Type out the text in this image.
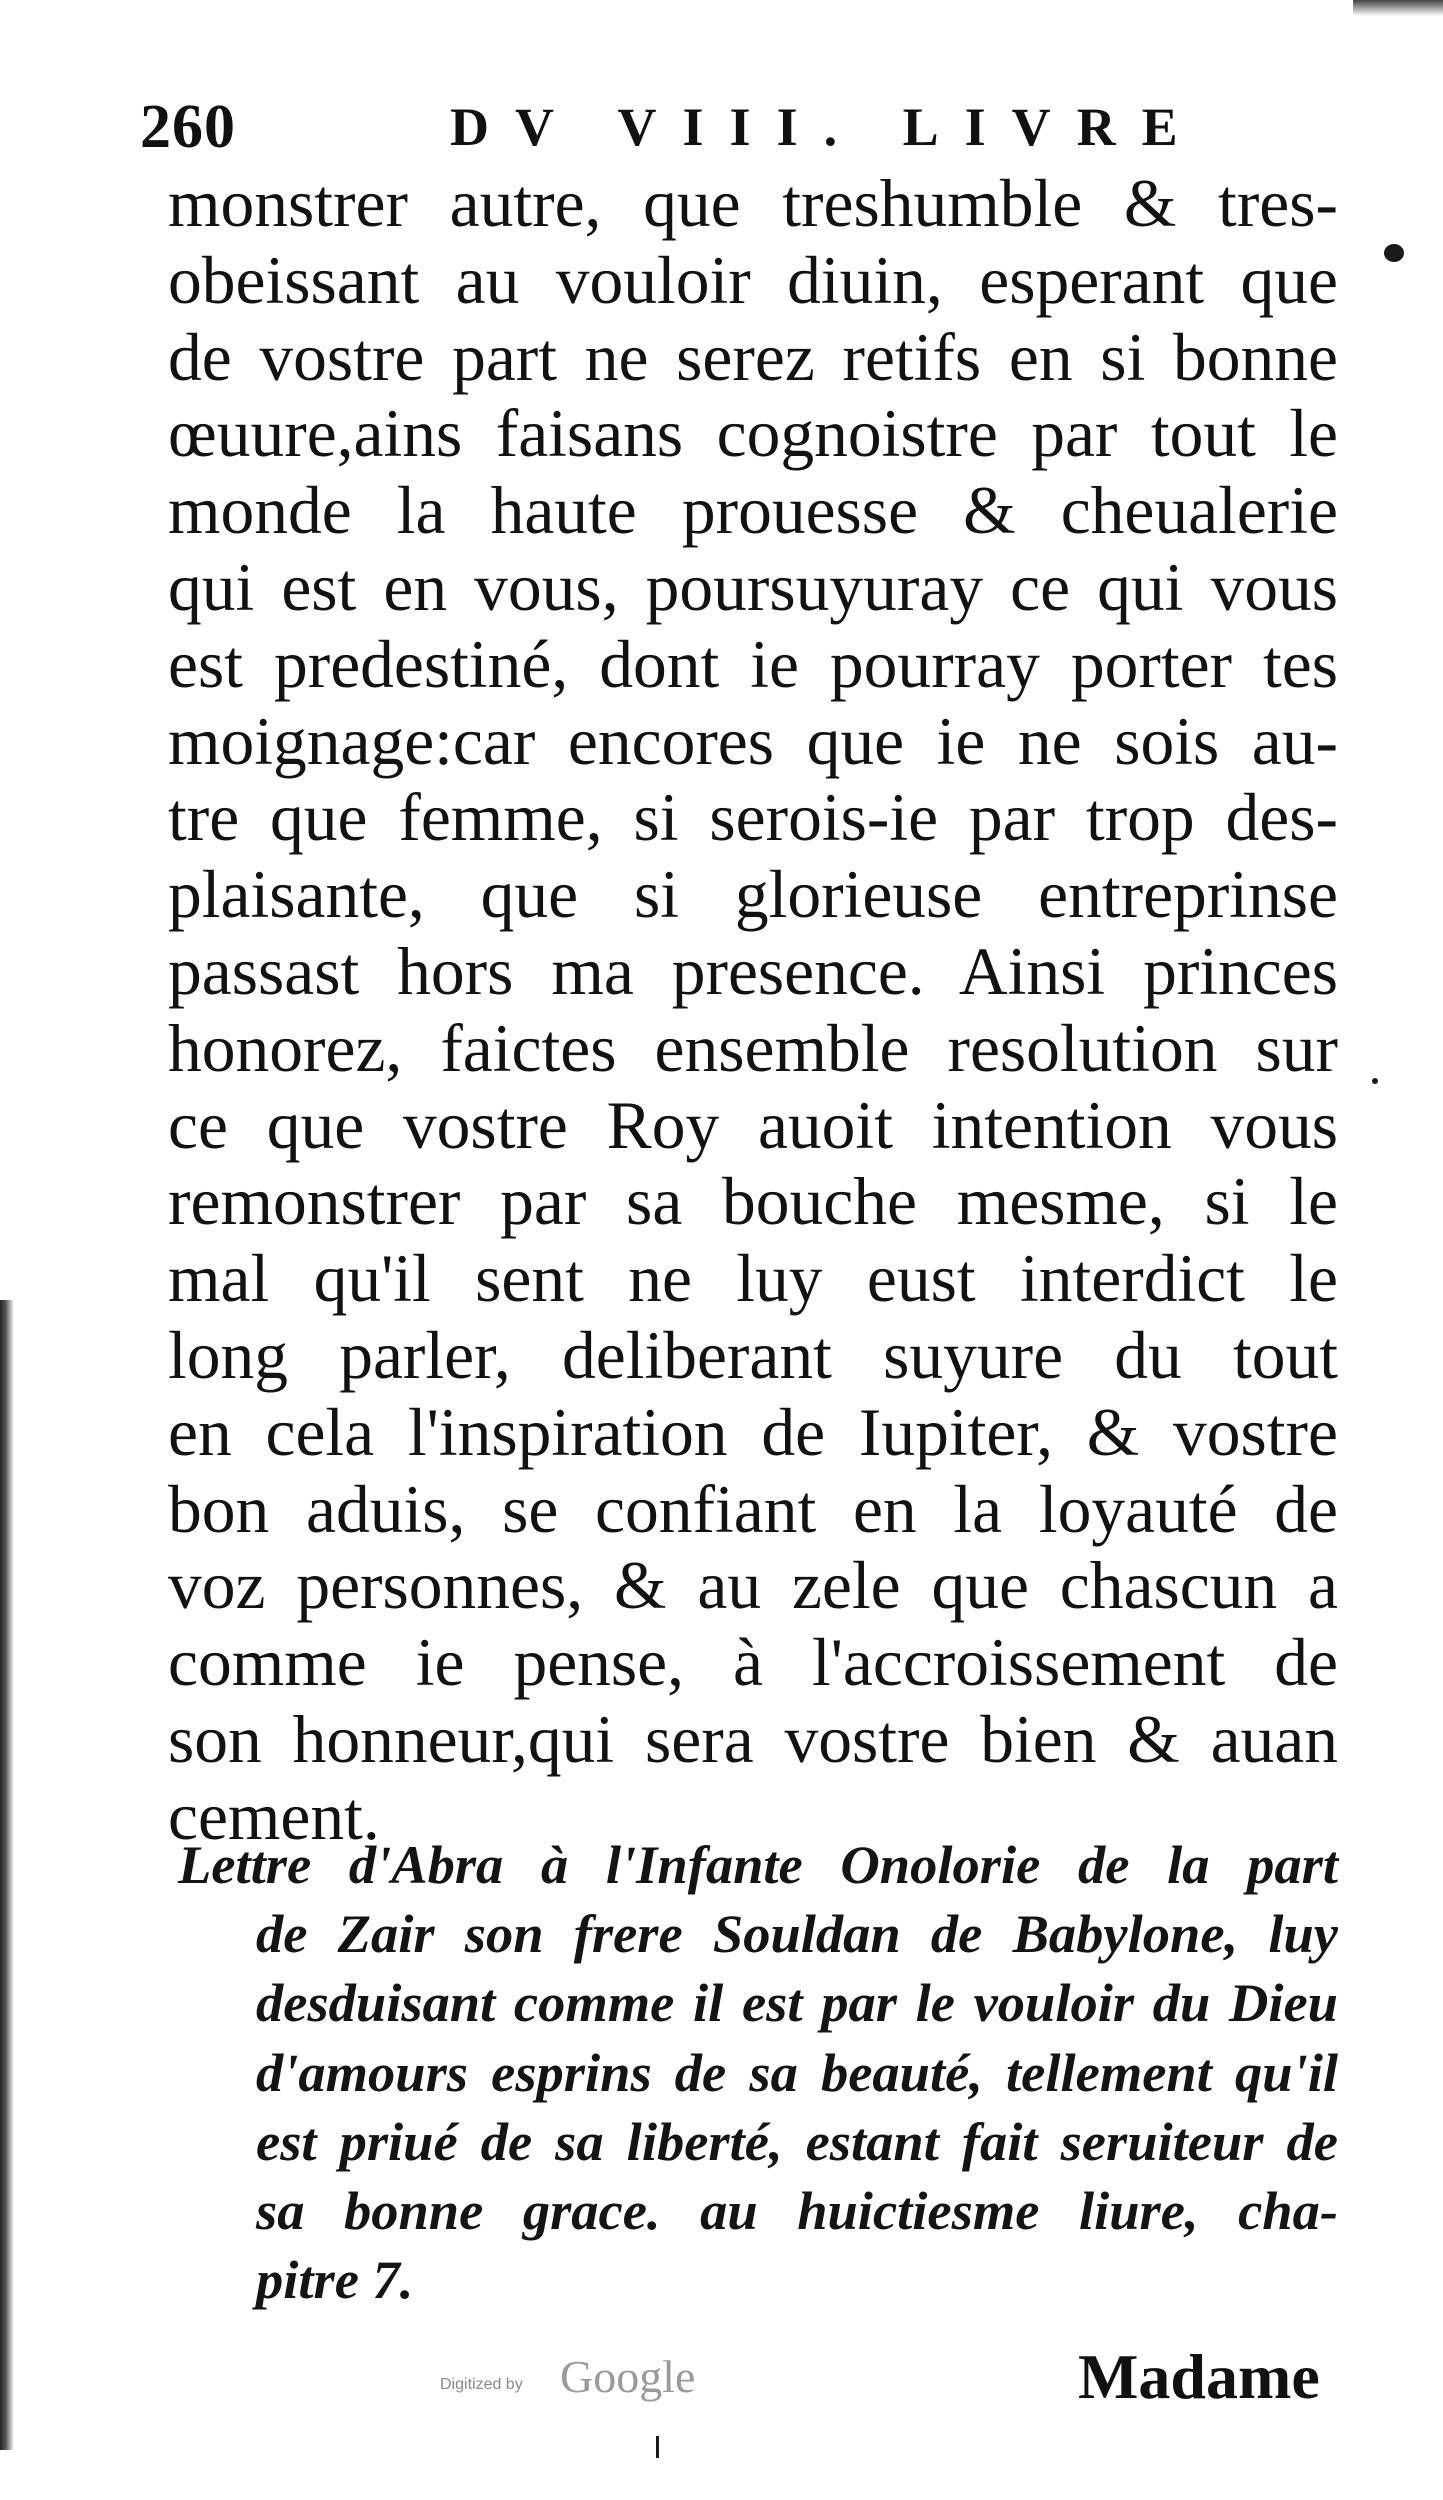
260	DV VIII. LIVRE
monstrer autre, que treshumble & tres-
obeissant au vouloir diuin, esperant que
de vostre part ne serez retifs en si bonne
œuure,ains faisans cognoistre par tout le
monde la haute prouesse & cheualerie
qui est en vous, poursuyuray ce qui vous
est predestiné, dont ie pourray porter tes
moignage:car encores que ie ne sois au-
tre que femme, si serois-ie par trop des-
plaisante, que si glorieuse entreprinse
passast hors ma presence. Ainsi princes
honorez, faictes ensemble resolution sur
ce que vostre Roy auoit intention vous
remonstrer par sa bouche mesme, si le
mal qu'il sent ne luy eust interdict le
long parler, deliberant suyure du tout
en cela l'inspiration de Iupiter, & vostre
bon aduis, se confiant en la loyauté de
voz personnes, & au zele que chascun a
comme ie pense, à l'accroissement de
son honneur,qui sera vostre bien & auan
cement.
Lettre d'Abra à l'Infante Onolorie de la part
de Zair son frere Souldan de Babylone, luy
desduisant comme il est par le vouloir du Dieu
d'amours esprins de sa beauté, tellement qu'il
est priué de sa liberté, estant fait seruiteur de
sa bonne grace. au huictiesme liure, cha-
pitre 7.
Digitized by Google	Madame
